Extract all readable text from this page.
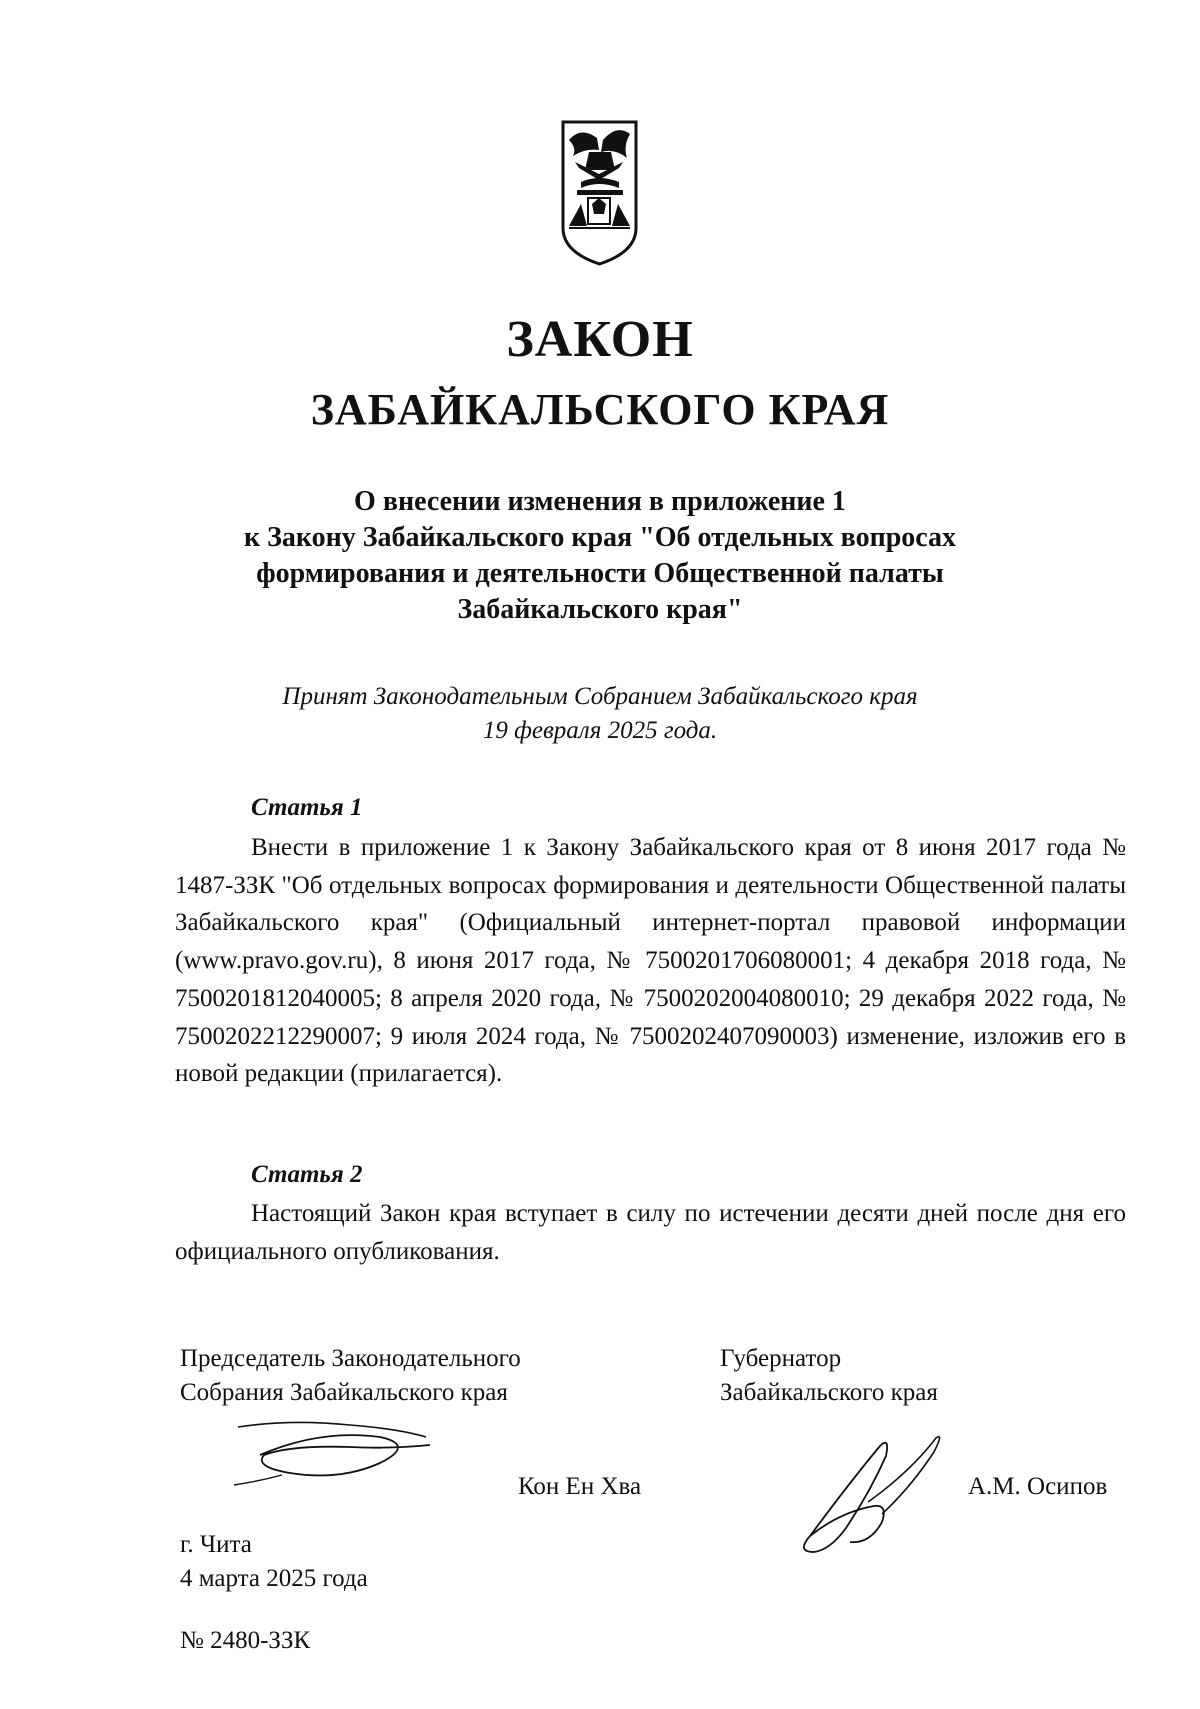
ЗАКОН
ЗАБАЙКАЛЬСКОГО КРАЯ
О внесении изменения в приложение 1
к Закону Забайкальского края "Об отдельных вопросах
формирования и деятельности Общественной палаты
Забайкальского края"
Принят Законодательным Собранием Забайкальского края
19 февраля 2025 года.
Статья 1
Внести в приложение 1 к Закону Забайкальского края от 8 июня 2017 года № 1487-ЗЗК "Об отдельных вопросах формирования и деятельности Общественной палаты Забайкальского края" (Официальный интернет-портал правовой информации (www.pravo.gov.ru), 8 июня 2017 года, № 7500201706080001; 4 декабря 2018 года, № 7500201812040005; 8 апреля 2020 года, № 7500202004080010; 29 декабря 2022 года, № 7500202212290007; 9 июля 2024 года, № 7500202407090003) изменение, изложив его в новой редакции (прилагается).
Статья 2
Настоящий Закон края вступает в силу по истечении десяти дней после дня его официального опубликования.
Председатель Законодательного
Собрания Забайкальского края
Губернатор
Забайкальского края
Кон Ен Хва	А.М. Осипов
г. Чита
4 марта 2025 года
№ 2480-ЗЗК
